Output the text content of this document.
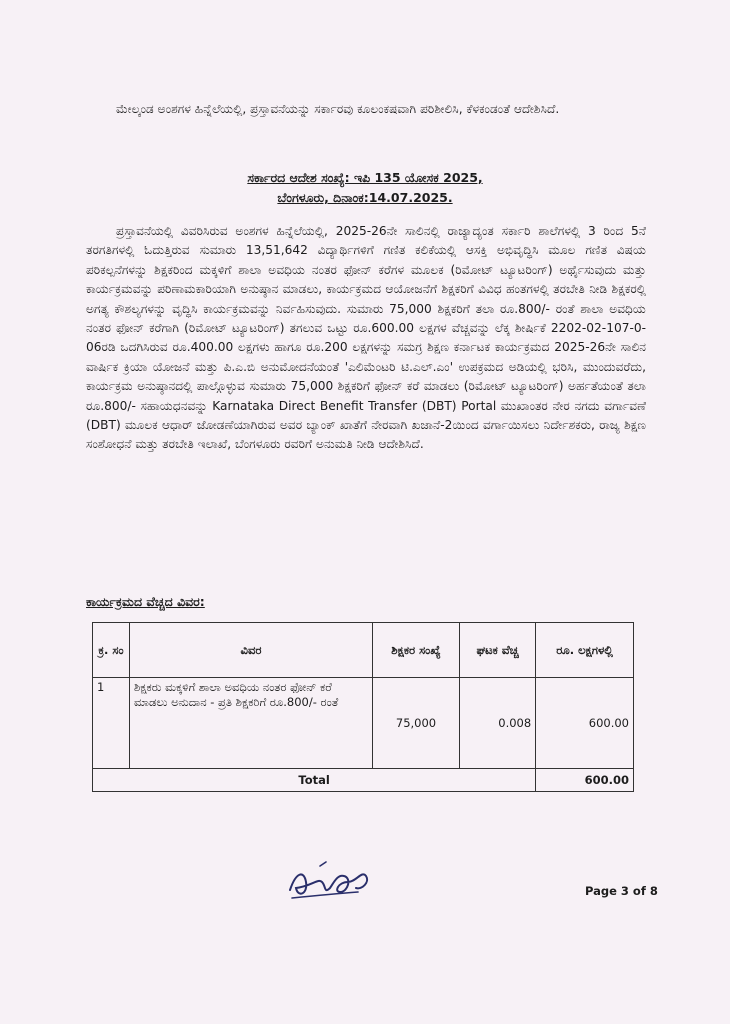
ಮೇಲ್ಕಂಡ ಅಂಶಗಳ ಹಿನ್ನೆಲೆಯಲ್ಲಿ, ಪ್ರಸ್ತಾವನೆಯನ್ನು ಸರ್ಕಾರವು ಕೂಲಂಕಷವಾಗಿ ಪರಿಶೀಲಿಸಿ, ಕೆಳಕಂಡಂತೆ ಆದೇಶಿಸಿದೆ.
ಸರ್ಕಾರದ ಆದೇಶ ಸಂಖ್ಯೆ: ಇಪಿ 135 ಯೋಸಕ 2025,
ಬೆಂಗಳೂರು, ದಿನಾಂಕ:14.07.2025.
ಪ್ರಸ್ತಾವನೆಯಲ್ಲಿ ವಿವರಿಸಿರುವ ಅಂಶಗಳ ಹಿನ್ನೆಲೆಯಲ್ಲಿ, 2025-26ನೇ ಸಾಲಿನಲ್ಲಿ ರಾಜ್ಯಾದ್ಯಂತ ಸರ್ಕಾರಿ ಶಾಲೆಗಳಲ್ಲಿ 3 ರಿಂದ 5ನೆ ತರಗತಿಗಳಲ್ಲಿ ಓದುತ್ತಿರುವ ಸುಮಾರು 13,51,642 ವಿದ್ಯಾರ್ಥಿಗಳಿಗೆ ಗಣಿತ ಕಲಿಕೆಯಲ್ಲಿ ಆಸಕ್ತಿ ಅಭಿವೃದ್ಧಿಸಿ ಮೂಲ ಗಣಿತ ವಿಷಯ ಪರಿಕಲ್ಪನೆಗಳನ್ನು ಶಿಕ್ಷಕರಿಂದ ಮಕ್ಕಳಿಗೆ ಶಾಲಾ ಅವಧಿಯ ನಂತರ ಫೋನ್ ಕರೆಗಳ ಮೂಲಕ (ರಿಮೋಟ್ ಟ್ಯೂಟರಿಂಗ್) ಅರ್ಥೈಸುವುದು ಮತ್ತು ಕಾರ್ಯಕ್ರಮವನ್ನು ಪರಿಣಾಮಕಾರಿಯಾಗಿ ಅನುಷ್ಠಾನ ಮಾಡಲು, ಕಾರ್ಯಕ್ರಮದ ಆಯೋಜನೆಗೆ ಶಿಕ್ಷಕರಿಗೆ ವಿವಿಧ ಹಂತಗಳಲ್ಲಿ ತರಬೇತಿ ನೀಡಿ ಶಿಕ್ಷಕರಲ್ಲಿ ಅಗತ್ಯ ಕೌಶಲ್ಯಗಳನ್ನು ವೃದ್ಧಿಸಿ ಕಾರ್ಯಕ್ರಮವನ್ನು ನಿರ್ವಹಿಸುವುದು. ಸುಮಾರು 75,000 ಶಿಕ್ಷಕರಿಗೆ ತಲಾ ರೂ.800/- ರಂತೆ ಶಾಲಾ ಅವಧಿಯ ನಂತರ ಫೋನ್ ಕರೆಗಾಗಿ (ರಿಮೋಟ್ ಟ್ಯೂಟರಿಂಗ್) ತಗಲುವ ಒಟ್ಟು ರೂ.600.00 ಲಕ್ಷಗಳ ವೆಚ್ಚವನ್ನು ಲೆಕ್ಕ ಶೀರ್ಷಿಕೆ 2202-02-107-0-06ರಡಿ ಒದಗಿಸಿರುವ ರೂ.400.00 ಲಕ್ಷಗಳು ಹಾಗೂ ರೂ.200 ಲಕ್ಷಗಳನ್ನು ಸಮಗ್ರ ಶಿಕ್ಷಣ ಕರ್ನಾಟಕ ಕಾರ್ಯಕ್ರಮದ 2025-26ನೇ ಸಾಲಿನ ವಾರ್ಷಿಕ ಕ್ರಿಯಾ ಯೋಜನೆ ಮತ್ತು ಪಿ.ಎ.ಬಿ ಅನುಮೋದನೆಯಂತೆ 'ಎಲಿಮೆಂಟರಿ ಟಿ.ಎಲ್.ಎಂ' ಉಪಕ್ರಮದ ಅಡಿಯಲ್ಲಿ ಭರಿಸಿ, ಮುಂದುವರೆದು, ಕಾರ್ಯಕ್ರಮ ಅನುಷ್ಠಾನದಲ್ಲಿ ಪಾಲ್ಗೊಳ್ಳುವ ಸುಮಾರು 75,000 ಶಿಕ್ಷಕರಿಗೆ ಫೋನ್ ಕರೆ ಮಾಡಲು (ರಿಮೋಟ್ ಟ್ಯೂಟರಿಂಗ್) ಅರ್ಹತೆಯಂತೆ ತಲಾ ರೂ.800/- ಸಹಾಯಧನವನ್ನು Karnataka Direct Benefit Transfer (DBT) Portal ಮುಖಾಂತರ ನೇರ ನಗದು ವರ್ಗಾವಣೆ (DBT) ಮೂಲಕ ಆಧಾರ್ ಜೋಡಣೆಯಾಗಿರುವ ಅವರ ಬ್ಯಾಂಕ್ ಖಾತೆಗೆ ನೇರವಾಗಿ ಖಜಾನೆ-2ಯಿಂದ ವರ್ಗಾಯಿಸಲು ನಿರ್ದೇಶಕರು, ರಾಜ್ಯ ಶಿಕ್ಷಣ ಸಂಶೋಧನೆ ಮತ್ತು ತರಬೇತಿ ಇಲಾಖೆ, ಬೆಂಗಳೂರು ರವರಿಗೆ ಅನುಮತಿ ನೀಡಿ ಆದೇಶಿಸಿದೆ.
ಕಾರ್ಯಕ್ರಮದ ವೆಚ್ಚದ ವಿವರ:
ಕ್ರ. ಸಂ	ವಿವರ	ಶಿಕ್ಷಕರ ಸಂಖ್ಯೆ	ಘಟಕ ವೆಚ್ಚ	ರೂ. ಲಕ್ಷಗಳಲ್ಲಿ
1	ಶಿಕ್ಷಕರು ಮಕ್ಕಳಿಗೆ ಶಾಲಾ ಅವಧಿಯ ನಂತರ ಫೋನ್ ಕರೆ ಮಾಡಲು ಅನುದಾನ - ಪ್ರತಿ ಶಿಕ್ಷಕರಿಗೆ ರೂ.800/- ರಂತೆ	75,000	0.008	600.00
Total				600.00
Page 3 of 8
